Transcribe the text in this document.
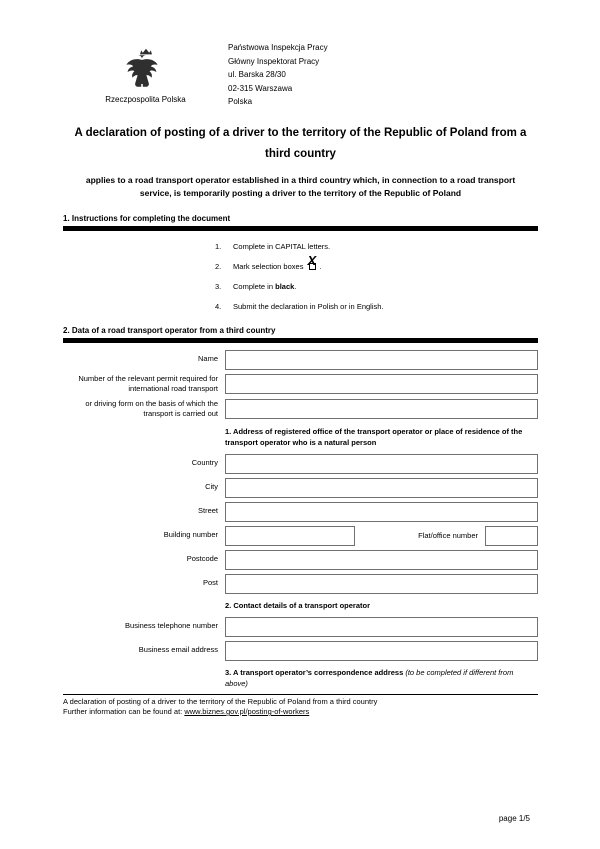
Rzeczpospolita Polska
Państwowa Inspekcja Pracy
Główny Inspektorat Pracy
ul. Barska 28/30
02-315 Warszawa
Polska
A declaration of posting of a driver to the territory of the Republic of Poland from a third country

applies to a road transport operator established in a third country which, in connection to a road transport service, is temporarily posting a driver to the territory of the Republic of Poland

1. Instructions for completing the document
1.	Complete in CAPITAL letters.
2.	Mark selection boxes X .
3.	Complete in black.
4.	Submit the declaration in Polish or in English.
2. Data of a road transport operator from a third country
Name
Number of the relevant permit required for international road transport
or driving form on the basis of which the transport is carried out
1. Address of registered office of the transport operator or place of residence of the transport operator who is a natural person
Country
City
Street
Building number	Flat/office number
Postcode
Post
2. Contact details of a transport operator
Business telephone number
Business email address
3. A transport operator’s correspondence address (to be completed if different from above)
A declaration of posting of a driver to the territory of the Republic of Poland from a third country
Further information can be found at: www.biznes.gov.pl/posting-of-workers
page 1/5
